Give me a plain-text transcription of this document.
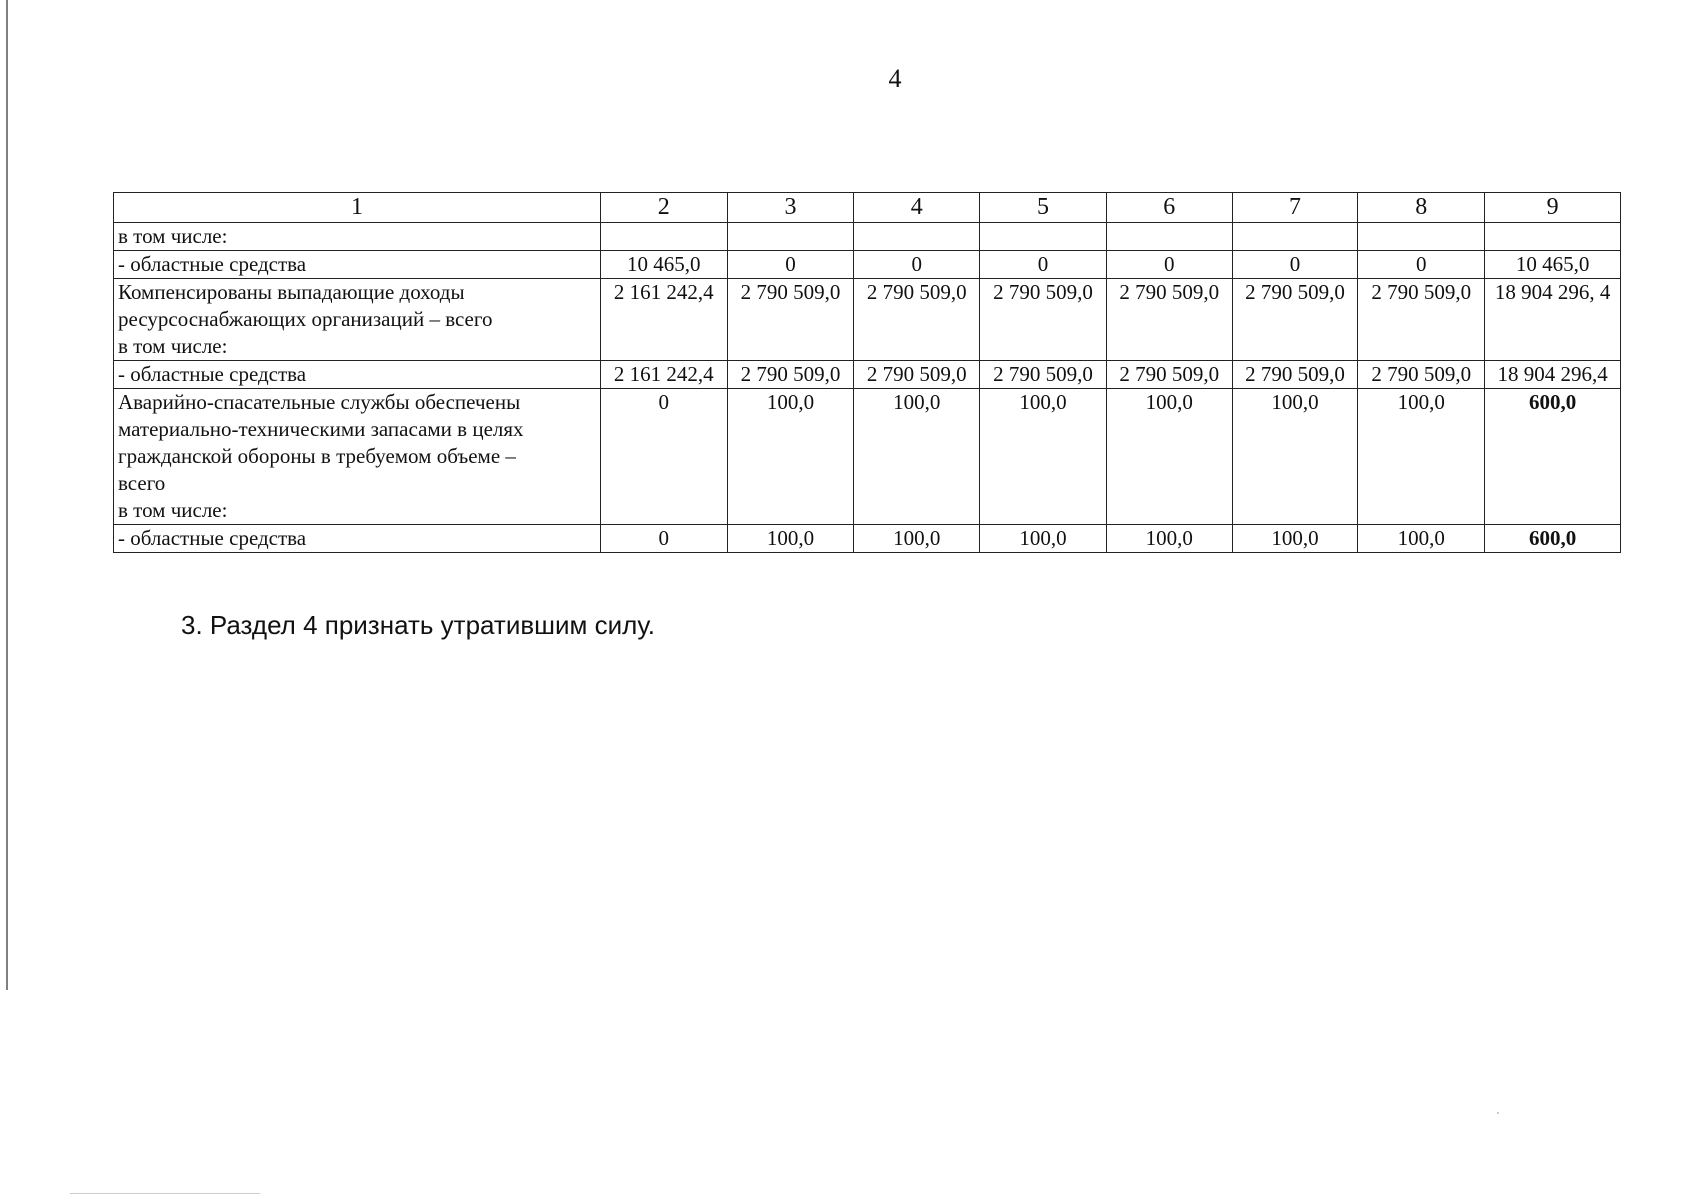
4
1	2	3	4	5	6	7	8	9

в том числе:								

- областные средства	10 465,0	0	0	0	0	0	0	10 465,0

Компенсированы выпадающие доходы
ресурсоснабжающих организаций – всего
в том числе:	2 161 242,4	2 790 509,0	2 790 509,0	2 790 509,0	2 790 509,0	2 790 509,0	2 790 509,0	18 904 296, 4

- областные средства	2 161 242,4	2 790 509,0	2 790 509,0	2 790 509,0	2 790 509,0	2 790 509,0	2 790 509,0	18 904 296,4

Аварийно-спасательные службы обеспечены
материально-техническими запасами в целях
гражданской обороны в требуемом объеме –
всего
в том числе:	0	100,0	100,0	100,0	100,0	100,0	100,0	600,0

- областные средства	0	100,0	100,0	100,0	100,0	100,0	100,0	600,0
3. Раздел 4 признать утратившим силу.
